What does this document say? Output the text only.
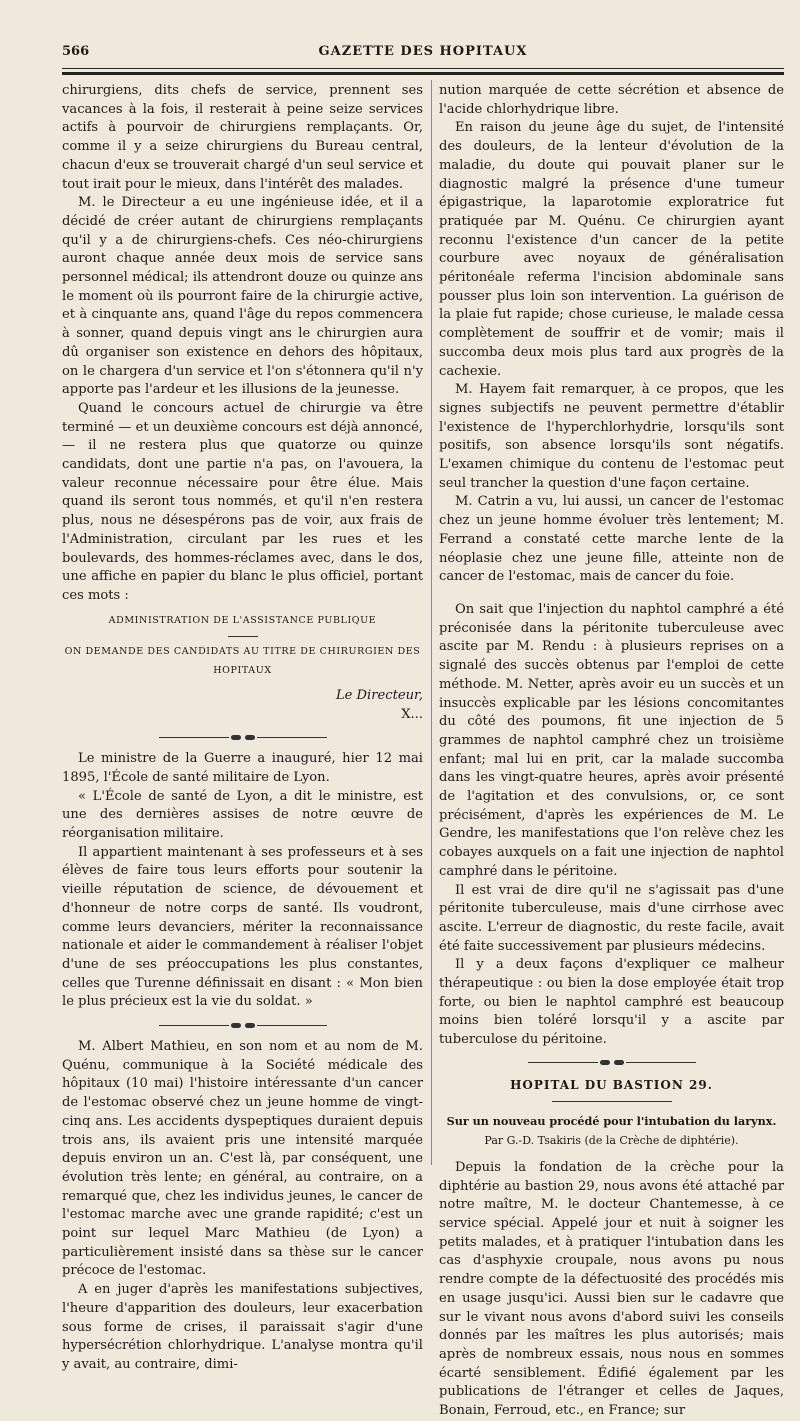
566	GAZETTE DES HOPITAUX

chirurgiens, dits chefs de service, prennent ses vacances à la fois, il resterait à peine seize services actifs à pourvoir de chirurgiens remplaçants. Or, comme il y a seize chirurgiens du Bureau central, chacun d'eux se trouverait chargé d'un seul service et tout irait pour le mieux, dans l'intérêt des malades.

M. le Directeur a eu une ingénieuse idée, et il a décidé de créer autant de chirurgiens remplaçants qu'il y a de chirurgiens-chefs. Ces néo-chirurgiens auront chaque année deux mois de service sans personnel médical; ils attendront douze ou quinze ans le moment où ils pourront faire de la chirurgie active, et à cinquante ans, quand l'âge du repos commencera à sonner, quand depuis vingt ans le chirurgien aura dû organiser son existence en dehors des hôpitaux, on le chargera d'un service et l'on s'étonnera qu'il n'y apporte pas l'ardeur et les illusions de la jeunesse.

Quand le concours actuel de chirurgie va être terminé — et un deuxième concours est déjà annoncé, — il ne restera plus que quatorze ou quinze candidats, dont une partie n'a pas, on l'avouera, la valeur reconnue nécessaire pour être élue. Mais quand ils seront tous nommés, et qu'il n'en restera plus, nous ne désespérons pas de voir, aux frais de l'Administration, circulant par les rues et les boulevards, des hommes-réclames avec, dans le dos, une affiche en papier du blanc le plus officiel, portant ces mots :

ADMINISTRATION DE L'ASSISTANCE PUBLIQUE
ON DEMANDE DES CANDIDATS AU TITRE DE CHIRURGIEN DES HOPITAUX

Le Directeur,

X...

Le ministre de la Guerre a inauguré, hier 12 mai 1895, l'École de santé militaire de Lyon.

« L'École de santé de Lyon, a dit le ministre, est une des dernières assises de notre œuvre de réorganisation militaire.

Il appartient maintenant à ses professeurs et à ses élèves de faire tous leurs efforts pour soutenir la vieille réputation de science, de dévouement et d'honneur de notre corps de santé. Ils voudront, comme leurs devanciers, mériter la reconnaissance nationale et aider le commandement à réaliser l'objet d'une de ses préoccupations les plus constantes, celles que Turenne définissait en disant : « Mon bien le plus précieux est la vie du soldat. »

M. Albert Mathieu, en son nom et au nom de M. Quénu, communique à la Société médicale des hôpitaux (10 mai) l'histoire intéressante d'un cancer de l'estomac observé chez un jeune homme de vingt-cinq ans. Les accidents dyspeptiques duraient depuis trois ans, ils avaient pris une intensité marquée depuis environ un an. C'est là, par conséquent, une évolution très lente; en général, au contraire, on a remarqué que, chez les individus jeunes, le cancer de l'estomac marche avec une grande rapidité; c'est un point sur lequel Marc Mathieu (de Lyon) a particulièrement insisté dans sa thèse sur le cancer précoce de l'estomac.

A en juger d'après les manifestations subjectives, l'heure d'apparition des douleurs, leur exacerbation sous forme de crises, il paraissait s'agir d'une hypersécrétion chlorhydrique. L'analyse montra qu'il y avait, au contraire, dimi-

nution marquée de cette sécrétion et absence de l'acide chlorhydrique libre.

En raison du jeune âge du sujet, de l'intensité des douleurs, de la lenteur d'évolution de la maladie, du doute qui pouvait planer sur le diagnostic malgré la présence d'une tumeur épigastrique, la laparotomie exploratrice fut pratiquée par M. Quénu. Ce chirurgien ayant reconnu l'existence d'un cancer de la petite courbure avec noyaux de généralisation péritonéale referma l'incision abdominale sans pousser plus loin son intervention. La guérison de la plaie fut rapide; chose curieuse, le malade cessa complètement de souffrir et de vomir; mais il succomba deux mois plus tard aux progrès de la cachexie.

M. Hayem fait remarquer, à ce propos, que les signes subjectifs ne peuvent permettre d'établir l'existence de l'hyperchlorhydrie, lorsqu'ils sont positifs, son absence lorsqu'ils sont négatifs. L'examen chimique du contenu de l'estomac peut seul trancher la question d'une façon certaine.

M. Catrin a vu, lui aussi, un cancer de l'estomac chez un jeune homme évoluer très lentement; M. Ferrand a constaté cette marche lente de la néoplasie chez une jeune fille, atteinte non de cancer de l'estomac, mais de cancer du foie.

On sait que l'injection du naphtol camphré a été préconisée dans la péritonite tuberculeuse avec ascite par M. Rendu : à plusieurs reprises on a signalé des succès obtenus par l'emploi de cette méthode. M. Netter, après avoir eu un succès et un insuccès explicable par les lésions concomitantes du côté des poumons, fit une injection de 5 grammes de naphtol camphré chez un troisième enfant; mal lui en prit, car la malade succomba dans les vingt-quatre heures, après avoir présenté de l'agitation et des convulsions, or, ce sont précisément, d'après les expériences de M. Le Gendre, les manifestations que l'on relève chez les cobayes auxquels on a fait une injection de naphtol camphré dans le péritoine.

Il est vrai de dire qu'il ne s'agissait pas d'une péritonite tuberculeuse, mais d'une cirrhose avec ascite. L'erreur de diagnostic, du reste facile, avait été faite successivement par plusieurs médecins.

Il y a deux façons d'expliquer ce malheur thérapeutique : ou bien la dose employée était trop forte, ou bien le naphtol camphré est beaucoup moins bien toléré lorsqu'il y a ascite par tuberculose du péritoine.

HOPITAL DU BASTION 29.
Sur un nouveau procédé pour l'intubation du larynx.
Par G.-D. Tsakiris (de la Crèche de diphtérie).

Depuis la fondation de la crèche pour la diphtérie au bastion 29, nous avons été attaché par notre maître, M. le docteur Chantemesse, à ce service spécial. Appelé jour et nuit à soigner les petits malades, et à pratiquer l'intubation dans les cas d'asphyxie croupale, nous avons pu nous rendre compte de la défectuosité des procédés mis en usage jusqu'ici. Aussi bien sur le cadavre que sur le vivant nous avons d'abord suivi les conseils donnés par les maîtres les plus autorisés; mais après de nombreux essais, nous nous en sommes écarté sensiblement. Édifié également par les publications de l'étranger et celles de Jaques, Bonain, Ferroud, etc., en France; sur
